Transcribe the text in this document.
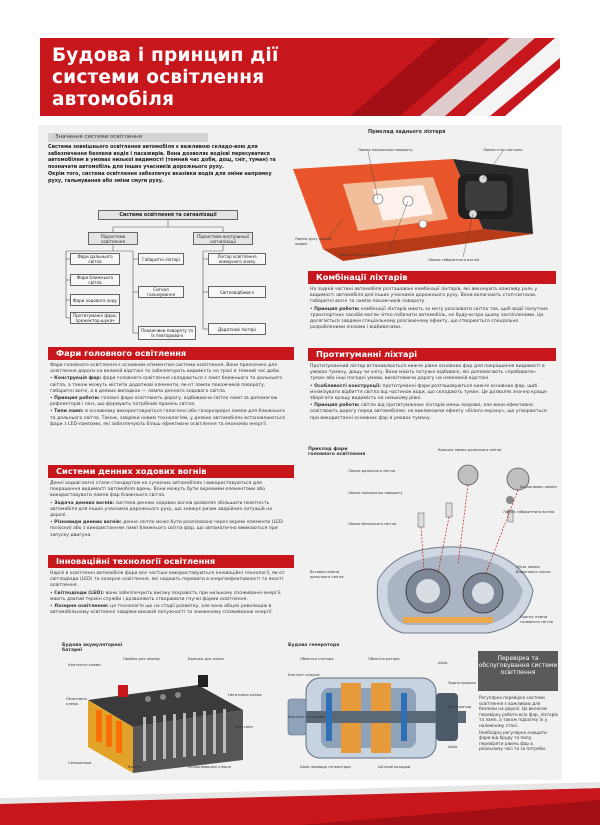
Будова і принцип дії системи освітлення автомобіля
​
Значення системи освітлення

Система зовнішнього освітлення автомобіля є важливою складо-вою для забезпечення безпеки водія і пасажирів. Вона дозволяє водієві пересуватися автомобілем в умовах низької видимості (темний час доби, дощ, сніг, туман) та позначати автомобіль для інших учасників дорожнього руху.

Окрім того, система освітлення забезпечує вказівки водія для зміни напрямку руху, гальмування або зміни смуги руху.

Система освітлення та сигналізації
Підсистема освітлення
Підсистема внутрішньої сигналізації
Фари дальнього світла
Фари ближнього світла
Фари ходового ходу
Протитуманні фари, прожектор-шукач
Габаритні ліхтарі
Сигнал гальмування
Покажчики повороту та їх повторювачі
Ліхтар освітлення номерного знаку
Світловідбивачі
Додаткові ліхтарі
Приклад заднього ліхтаря
Лампа покажчика повороту	Лампа стоп-сигнала
Лампа руху заднім ходом
Лампа стоп-сигнала
Лампа габаритного вогню
Комбінації ліхтарів

На задній частині автомобіля розташовані комбінації ліхтарів, які виконують важливу роль у видимості автомобіля для інших учасників дорожнього руху. Вони включають стоп-сигнали, габаритні вогні та лампи покажчиків повороту.

• Принцип роботи: комбінації ліхтарів мають за мету розсіювати світло так, щоб водії попутних транспортних засобів могли чітко побачити автомобіль, не будучи при цьому засліпленими. Це досягається завдяки спеціальному розсіюючому ефекту, що створюється спеціально розробленими лінзами і відбивачами.

Фари головного освітлення

Фари головного освітлення є основним елементом системи освітлення. Вони призначені для освітлення дороги на великій відстані та забезпечують видимість на трасі в темний час доби.

• Конструкція фар: фари головного освітлення складаються з ламп ближнього та дальнього світла, а також можуть містити додаткові елементи, як-от лампи покажчиків повороту, габаритні вогні, а в деяких випадках — лампи денного ходового світла.

• Принцип роботи: головні фари освітлюють дорогу, відбиваючи світло ламп за допомогою рефлекторів і лінз, що формують потрібний промінь світла.

• Типи ламп: в основному використовуються галогенні або газорозрядні лампи для ближнього та дальнього світла. Також, завдяки новим технологіям, у деяких автомобілях встановлюються фари з LED-лампами, які забезпечують більш ефективне освітлення та економію енергії.

Протитуманні ліхтарі

Протитуманний ліхтар встановлюється нижче рівня основних фар для покращення видимості в умовах туману, дощу чи снігу. Вони мають потужні відбивачі, які допомагають «пробивати» туман або інші погодні умови, висвітлюючи дорогу на невеликій відстані.

• Особливості конструкції: протитуманні фари розташовуються нижче основних фар, щоб мінімізувати відбиття світла від частинок води, що складають туман. Це дозволяє значно краще зберігати кращу видимість на низькому рівні.

• Принцип роботи: світло від протитуманних ліхтарів менш яскраве, але вони ефективно освітлюють дорогу перед автомобілем, не викликаючи ефекту «білого екрану», що утворюється при використанні основних фар в умовах туману.

Системи денних ходових вогнів

Денні ходові вогні стали стандартом на сучасних автомобілях і використовуються для покращення видимості автомобіля вдень. Вони можуть бути окремими елементами або використовувати лампи фар ближнього світла.

• Задача денних вогнів: система денних ходових вогнів дозволяє збільшити помітність автомобіля для інших учасників дорожнього руху, що знижує ризик аварійних ситуацій на дорозі.

• Різновиди денних вогнів: денне світло може бути реалізовано через окремі елементи (LED-полоски) або з використанням ламп ближнього світла фар, що автоматично вмикаються при запуску двигуна.

Інноваційні технології освітлення

Нарізі в освітленні автомобіля фари все частіше використовуються інноваційні технології, як-от світлодіоди (LED) та лазерне освітлення, які надають переваги в енергоефективності та якості освітлення.

• Світлодіоди (LED): вони забезпечують високу яскравість при низькому споживанні енергії, мають довгий термін служби і дозволяють створювати гнучкі форми освітлення.

• Лазерне освітлення: ця технологія ще на стадії розвитку, але вона обіцяє революцію в автомобільному освітленні завдяки високій потужності та зниженому споживанню енергії.

Приклад фари головного освітлення
Кришка лампи дальнього світла
Лампа дальнього світла
Лампа покажчика повороту
Ущільнювач лампи
Лампа габаритного вогню
Лампа ближнього світла
Вставки лампи дальнього світла
Лінза лампи ближнього світла
Корпус лампи головного світла
Будова акумуляторної батареї
Контактні клеми
Пробка для заливу	Кришка для ячеек
Позитивна клема
Негативна клема
Сепаратори
Корпус
Пластини
Ущільнювальні кільця
Будова генератора
Обмотка статора	Обмотка ротора
Шків
Контакт кожуха
Задня кришка
Вентилятор
Контакт плюсовий
Шків
Шків привода генератора	Щіткові колодки
Перевірка та обслуговування системи освітлення

Регулярна перевірка системи освітлення є важливою для безпеки на дорозі. Це включає перевірку роботи всіх фар, ліхтарів та ламп, а також підсвітку їх у належному стані.

Необхідно регулярно очищати фари від бруду та пилу, перевіряти рівень фар в реальному часі та за потреби.
